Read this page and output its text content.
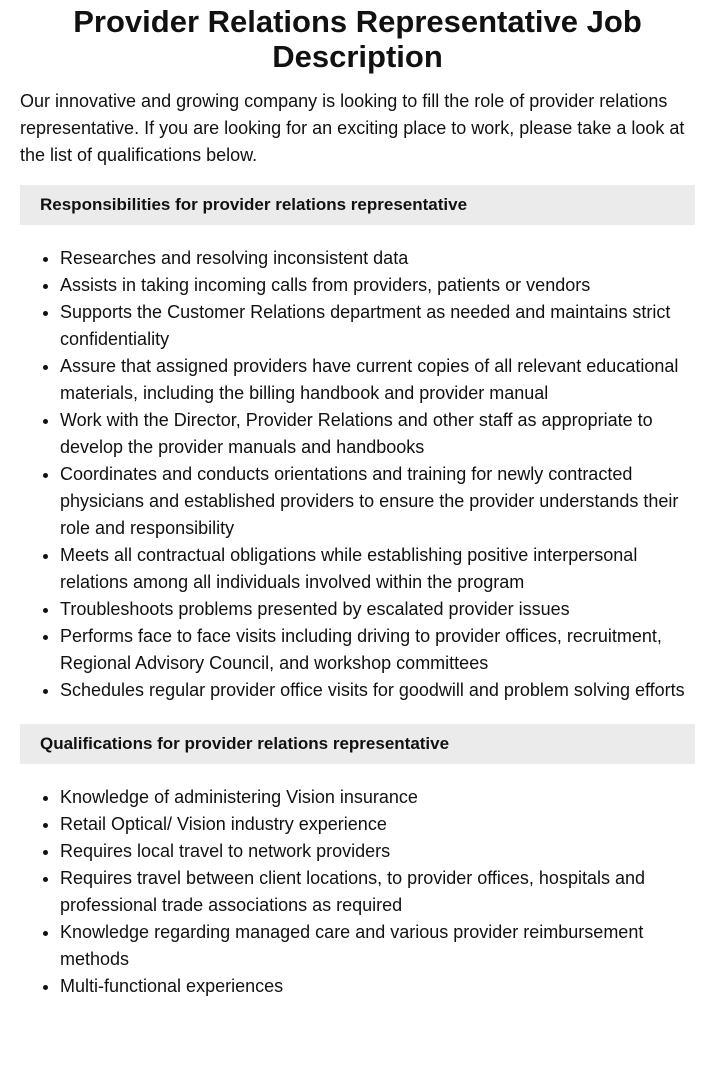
Provider Relations Representative Job Description

Our innovative and growing company is looking to fill the role of provider relations representative. If you are looking for an exciting place to work, please take a look at the list of qualifications below.

Responsibilities for provider relations representative
• Researches and resolving inconsistent data
• Assists in taking incoming calls from providers, patients or vendors
• Supports the Customer Relations department as needed and maintains strict confidentiality
• Assure that assigned providers have current copies of all relevant educational materials, including the billing handbook and provider manual
• Work with the Director, Provider Relations and other staff as appropriate to develop the provider manuals and handbooks
• Coordinates and conducts orientations and training for newly contracted physicians and established providers to ensure the provider understands their role and responsibility
• Meets all contractual obligations while establishing positive interpersonal relations among all individuals involved within the program
• Troubleshoots problems presented by escalated provider issues
• Performs face to face visits including driving to provider offices, recruitment, Regional Advisory Council, and workshop committees
• Schedules regular provider office visits for goodwill and problem solving efforts
Qualifications for provider relations representative
• Knowledge of administering Vision insurance
• Retail Optical/ Vision industry experience
• Requires local travel to network providers
• Requires travel between client locations, to provider offices, hospitals and professional trade associations as required
• Knowledge regarding managed care and various provider reimbursement methods
• Multi-functional experiences
